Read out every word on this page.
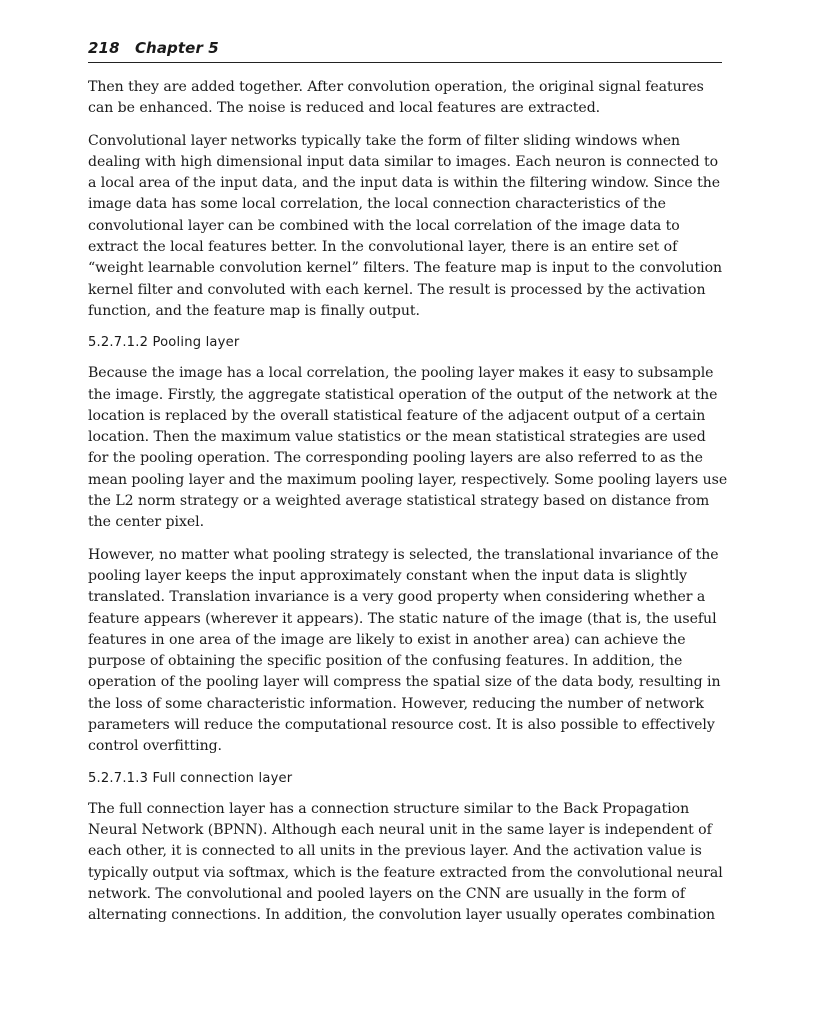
218 Chapter 5

Then they are added together. After convolution operation, the original signal features can be enhanced. The noise is reduced and local features are extracted.

Convolutional layer networks typically take the form of filter sliding windows when dealing with high dimensional input data similar to images. Each neuron is connected to a local area of the input data, and the input data is within the filtering window. Since the image data has some local correlation, the local connection characteristics of the convolutional layer can be combined with the local correlation of the image data to extract the local features better. In the convolutional layer, there is an entire set of “weight learnable convolution kernel” filters. The feature map is input to the convolution kernel filter and convoluted with each kernel. The result is processed by the activation function, and the feature map is finally output.

5.2.7.1.2 Pooling layer

Because the image has a local correlation, the pooling layer makes it easy to subsample the image. Firstly, the aggregate statistical operation of the output of the network at the location is replaced by the overall statistical feature of the adjacent output of a certain location. Then the maximum value statistics or the mean statistical strategies are used for the pooling operation. The corresponding pooling layers are also referred to as the mean pooling layer and the maximum pooling layer, respectively. Some pooling layers use the L2 norm strategy or a weighted average statistical strategy based on distance from the center pixel.

However, no matter what pooling strategy is selected, the translational invariance of the pooling layer keeps the input approximately constant when the input data is slightly translated. Translation invariance is a very good property when considering whether a feature appears (wherever it appears). The static nature of the image (that is, the useful features in one area of the image are likely to exist in another area) can achieve the purpose of obtaining the specific position of the confusing features. In addition, the operation of the pooling layer will compress the spatial size of the data body, resulting in the loss of some characteristic information. However, reducing the number of network parameters will reduce the computational resource cost. It is also possible to effectively control overfitting.

5.2.7.1.3 Full connection layer

The full connection layer has a connection structure similar to the Back Propagation Neural Network (BPNN). Although each neural unit in the same layer is independent of each other, it is connected to all units in the previous layer. And the activation value is typically output via softmax, which is the feature extracted from the convolutional neural network. The convolutional and pooled layers on the CNN are usually in the form of alternating connections. In addition, the convolution layer usually operates combination
